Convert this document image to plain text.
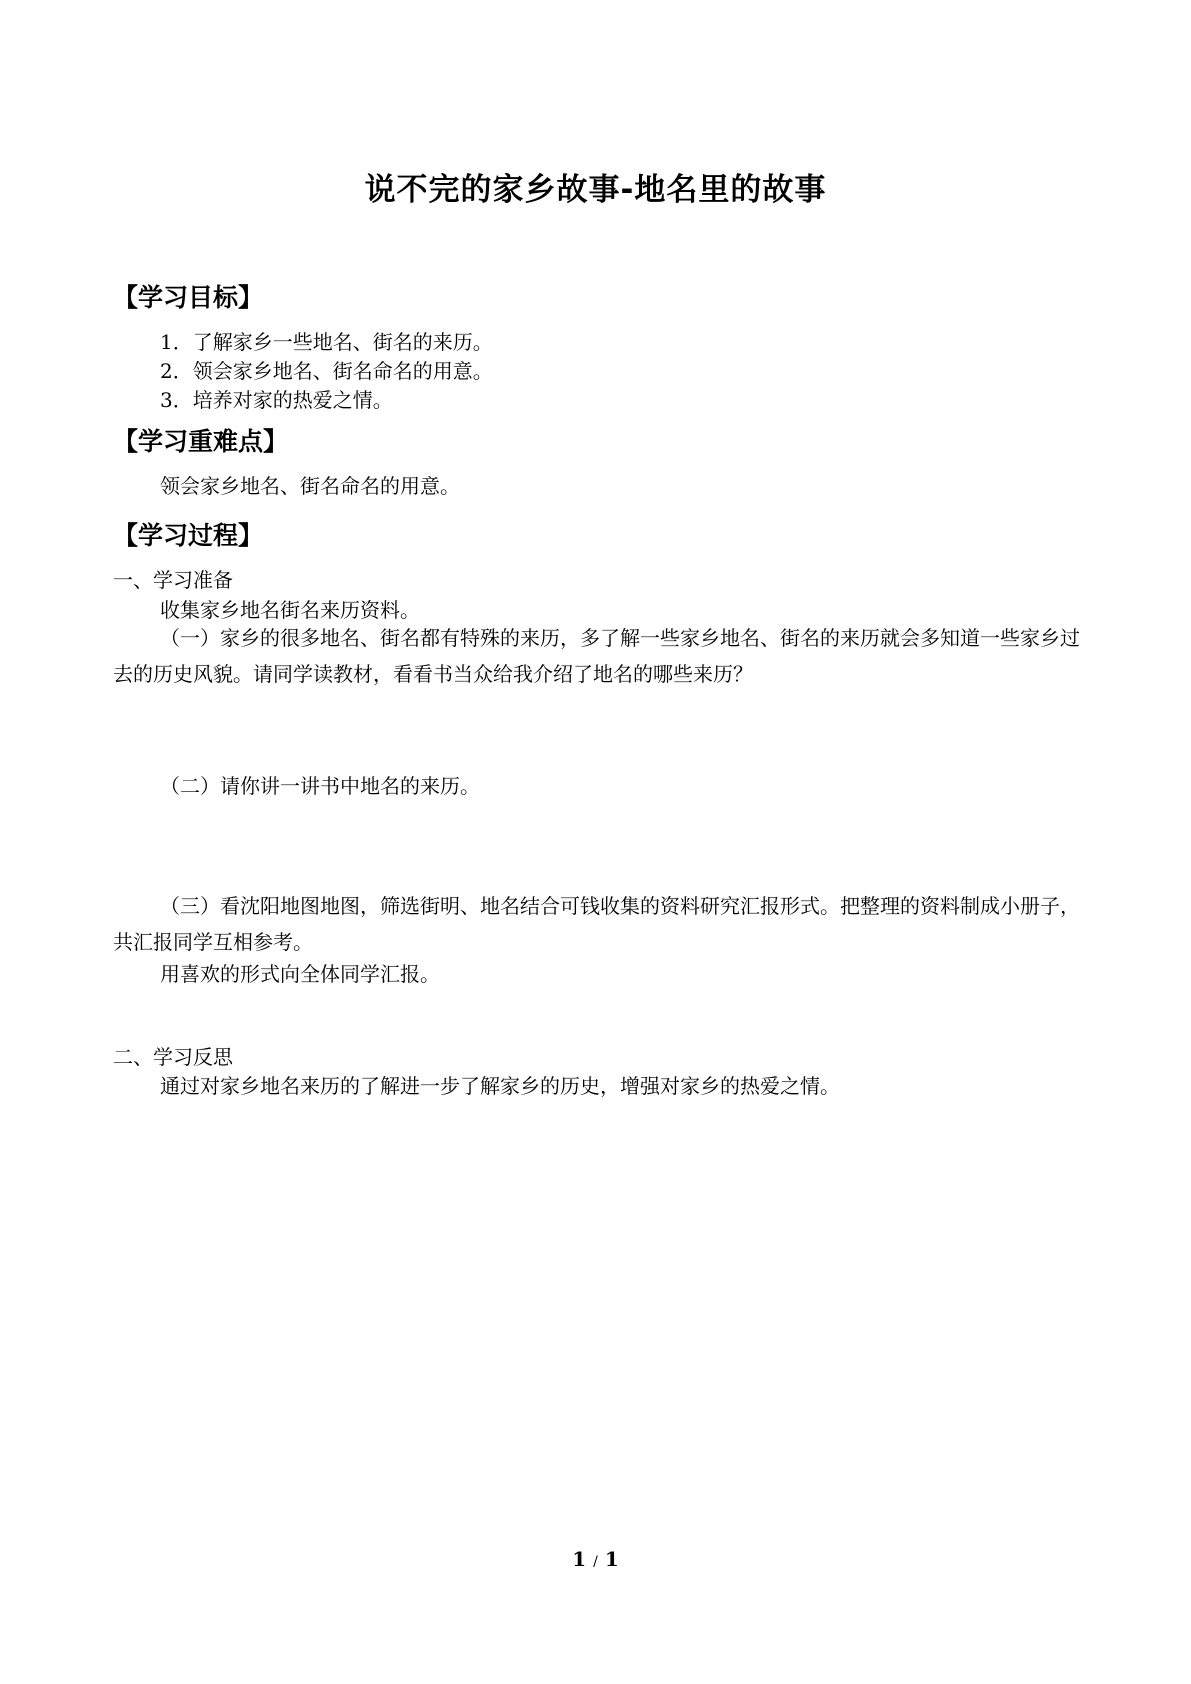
说不完的家乡故事-地名里的故事
【学习目标】
1．了解家乡一些地名、街名的来历。
2．领会家乡地名、街名命名的用意。
3．培养对家的热爱之情。
【学习重难点】
领会家乡地名、街名命名的用意。
【学习过程】
一、学习准备
收集家乡地名街名来历资料。
（一）家乡的很多地名、街名都有特殊的来历，多了解一些家乡地名、街名的来历就会多知道一些家乡过去的历史风貌。请同学读教材，看看书当众给我介绍了地名的哪些来历？
（二）请你讲一讲书中地名的来历。
（三）看沈阳地图地图，筛选街明、地名结合可钱收集的资料研究汇报形式。把整理的资料制成小册子，共汇报同学互相参考。
用喜欢的形式向全体同学汇报。
二、学习反思
通过对家乡地名来历的了解进一步了解家乡的历史，增强对家乡的热爱之情。
1 / 1
